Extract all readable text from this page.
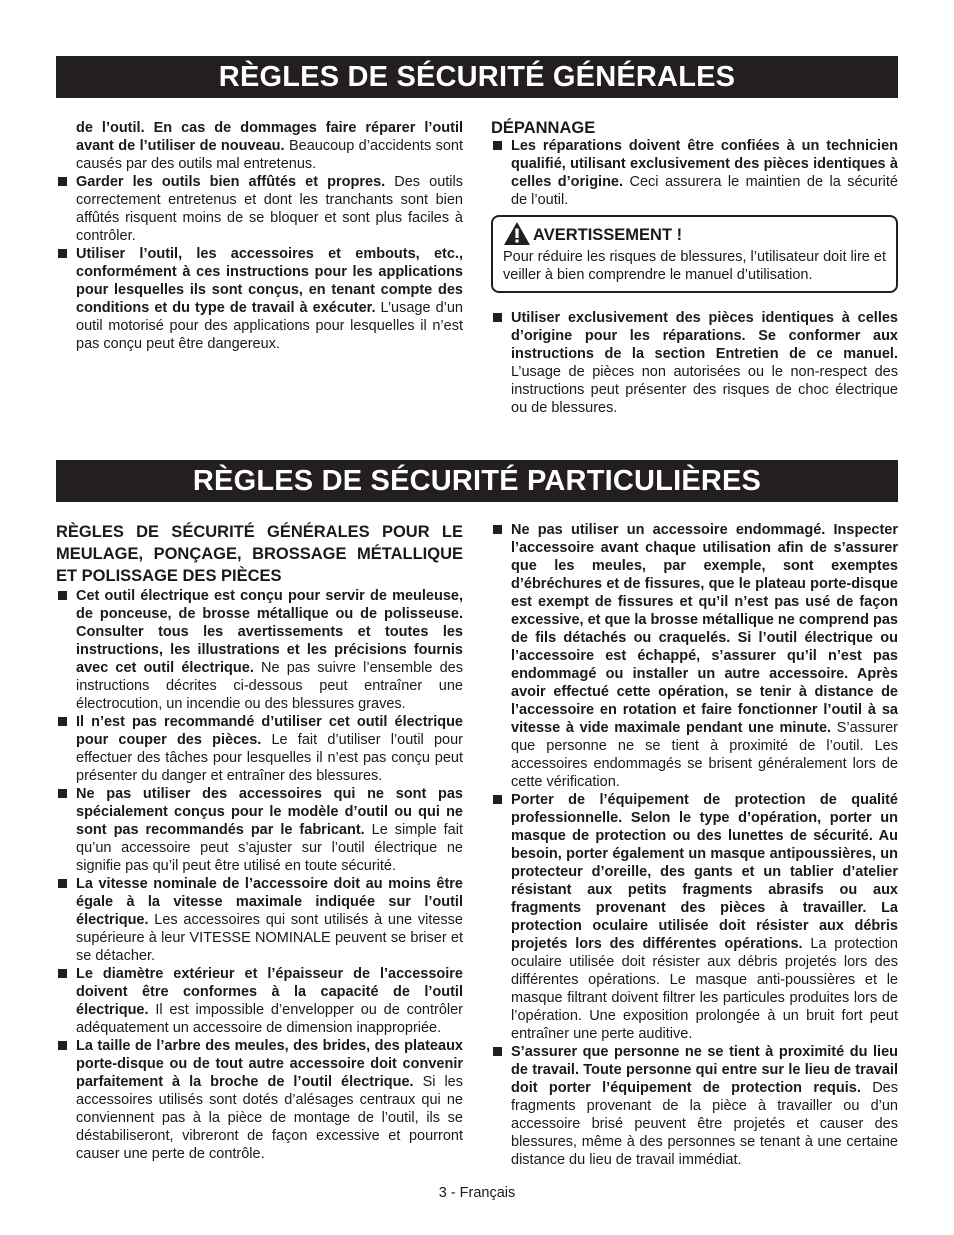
RÈGLES DE SÉCURITÉ GÉNÉRALES

de l’outil. En cas de dommages faire réparer l’outil avant de l’utiliser de nouveau. Beaucoup d’accidents sont causés par des outils mal entretenus.

Garder les outils bien affûtés et propres. Des outils correctement entretenus et dont les tranchants sont bien affûtés risquent moins de se bloquer et sont plus faciles à contrôler.

Utiliser l’outil, les accessoires et embouts, etc., conformément à ces instructions pour les applications pour lesquelles ils sont conçus, en tenant compte des conditions et du type de travail à exécuter. L’usage d’un outil motorisé pour des applications pour lesquelles il n’est pas conçu peut être dangereux.

DÉPANNAGE

Les réparations doivent être confiées à un technicien qualifié, utilisant exclusivement des pièces identiques à celles d’origine. Ceci assurera le maintien de la sécurité de l’outil.

AVERTISSEMENT !

Pour réduire les risques de blessures, l’utilisateur doit lire et veiller à bien comprendre le manuel d’utilisation.

Utiliser exclusivement des pièces identiques à celles d’origine pour les réparations. Se conformer aux instructions de la section Entretien de ce manuel. L’usage de pièces non autorisées ou le non-respect des instructions peut présenter des risques de choc électrique ou de blessures.

RÈGLES DE SÉCURITÉ PARTICULIÈRES

RÈGLES DE SÉCURITÉ GÉNÉRALES POUR LE MEULAGE, PONÇAGE, BROSSAGE MÉTALLIQUE ET POLISSAGE DES PIÈCES

Cet outil électrique est conçu pour servir de meuleuse, de ponceuse, de brosse métallique ou de polisseuse. Consulter tous les avertissements et toutes les instructions, les illustrations et les précisions fournis avec cet outil électrique. Ne pas suivre l’ensemble des instructions décrites ci-dessous peut entraîner une électrocution, un incendie ou des blessures graves.

Il n’est pas recommandé d’utiliser cet outil électrique pour couper des pièces. Le fait d’utiliser l’outil pour effectuer des tâches pour lesquelles il n’est pas conçu peut présenter du danger et entraîner des blessures.

Ne pas utiliser des accessoires qui ne sont pas spécialement conçus pour le modèle d’outil ou qui ne sont pas recommandés par le fabricant. Le simple fait qu’un accessoire peut s’ajuster sur l’outil électrique ne signifie pas qu’il peut être utilisé en toute sécurité.

La vitesse nominale de l’accessoire doit au moins être égale à la vitesse maximale indiquée sur l’outil électrique. Les accessoires qui sont utilisés à une vitesse supérieure à leur VITESSE NOMINALE peuvent se briser et se détacher.

Le diamètre extérieur et l’épaisseur de l’accessoire doivent être conformes à la capacité de l’outil électrique. Il est impossible d’envelopper ou de contrôler adéquatement un accessoire de dimension inappropriée.

La taille de l’arbre des meules, des brides, des plateaux porte-disque ou de tout autre accessoire doit convenir parfaitement à la broche de l’outil électrique. Si les accessoires utilisés sont dotés d’alésages centraux qui ne conviennent pas à la pièce de montage de l’outil, ils se déstabiliseront, vibreront de façon excessive et pourront causer une perte de contrôle.

Ne pas utiliser un accessoire endommagé. Inspecter l’accessoire avant chaque utilisation afin de s’assurer que les meules, par exemple, sont exemptes d’ébréchures et de fissures, que le plateau porte-disque est exempt de fissures et qu’il n’est pas usé de façon excessive, et que la brosse métallique ne comprend pas de fils détachés ou craquelés. Si l’outil électrique ou l’accessoire est échappé, s’assurer qu’il n’est pas endommagé ou installer un autre accessoire. Après avoir effectué cette opération, se tenir à distance de l’accessoire en rotation et faire fonctionner l’outil à sa vitesse à vide maximale pendant une minute. S’assurer que personne ne se tient à proximité de l’outil. Les accessoires endommagés se brisent généralement lors de cette vérification.

Porter de l’équipement de protection de qualité professionnelle. Selon le type d’opération, porter un masque de protection ou des lunettes de sécurité. Au besoin, porter également un masque antipoussières, un protecteur d’oreille, des gants et un tablier d’atelier résistant aux petits fragments abrasifs ou aux fragments provenant des pièces à travailler. La protection oculaire utilisée doit résister aux débris projetés lors des différentes opérations. La protection oculaire utilisée doit résister aux débris projetés lors des différentes opérations. Le masque anti-poussières et le masque filtrant doivent filtrer les particules produites lors de l’opération. Une exposition prolongée à un bruit fort peut entraîner une perte auditive.

S’assurer que personne ne se tient à proximité du lieu de travail. Toute personne qui entre sur le lieu de travail doit porter l’équipement de protection requis. Des fragments provenant de la pièce à travailler ou d’un accessoire brisé peuvent être projetés et causer des blessures, même à des personnes se tenant à une certaine distance du lieu de travail immédiat.

3 - Français
